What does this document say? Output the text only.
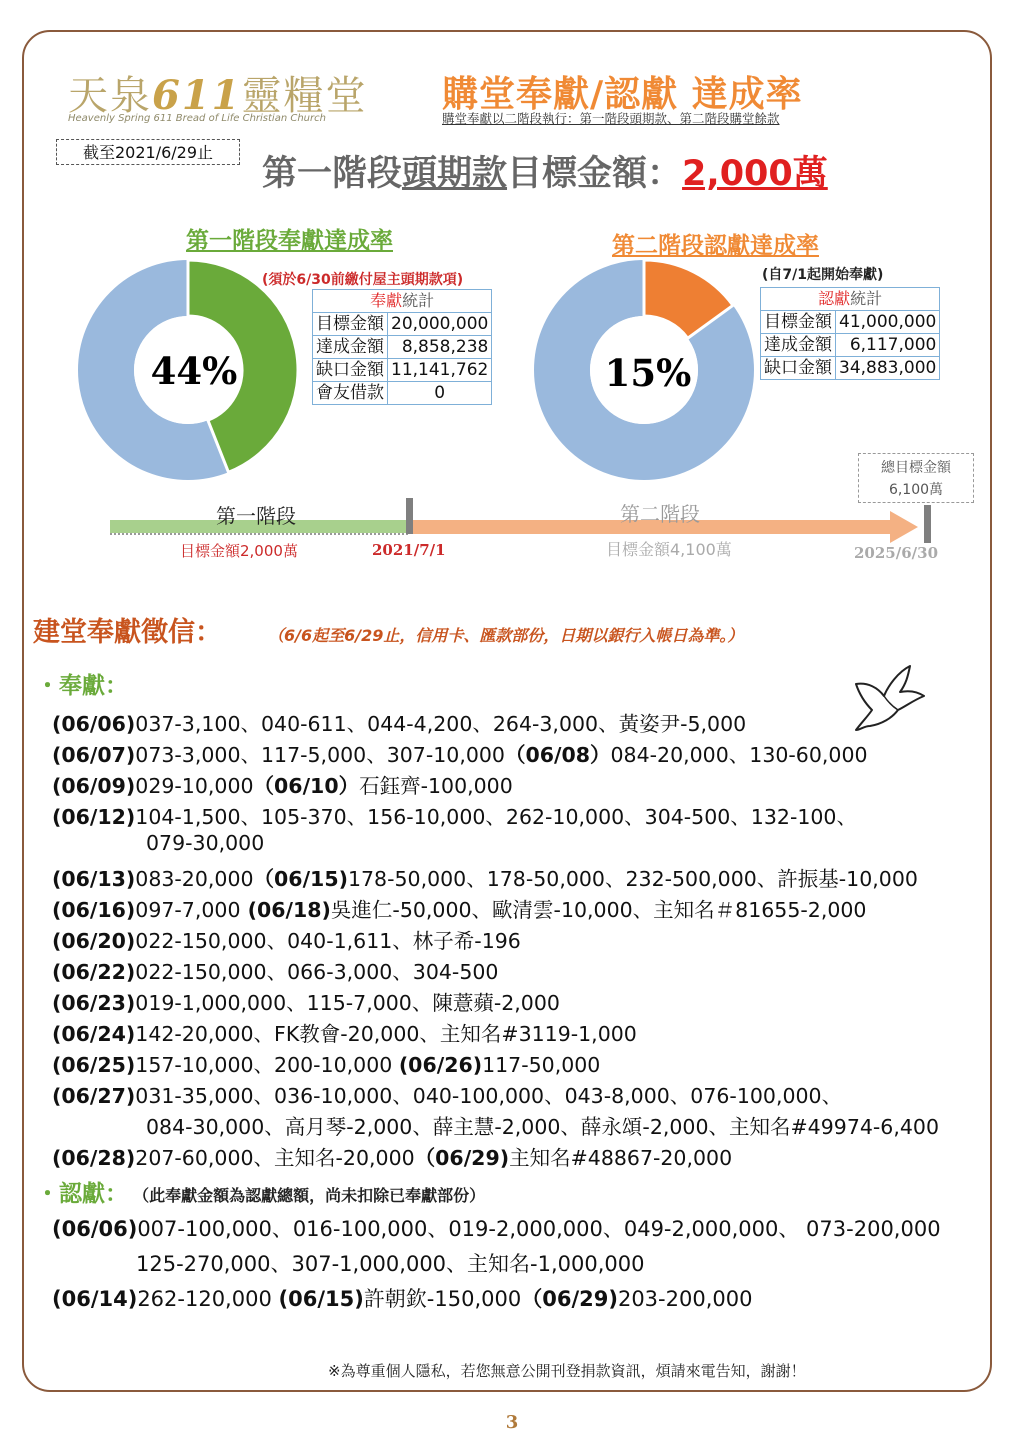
天泉611靈糧堂
Heavenly Spring 611 Bread of Life Christian Church
購堂奉獻/認獻 達成率
購堂奉獻以二階段執行：第一階段頭期款、第二階段購堂餘款
截至2021/6/29止
第一階段頭期款目標金額：2,000萬
第一階段奉獻達成率
(須於6/30前繳付屋主頭期款項)
44%
奉獻統計	
目標金額	20,000,000
達成金額	8,858,238
缺口金額	11,141,762
會友借款	0
第二階段認獻達成率
(自7/1起開始奉獻)
15%
認獻統計	
目標金額	41,000,000
達成金額	6,117,000
缺口金額	34,883,000
第一階段	第二階段
目標金額2,000萬	目標金額4,100萬
2021/7/1	2025/6/30
總目標金額
6,100萬
建堂奉獻徵信：	（6/6起至6/29止，信用卡、匯款部份，日期以銀行入帳日為準。）
・奉獻：
(06/06)037-3,100、040-611、044-4,200、264-3,000、黃姿尹-5,000
(06/07)073-3,000、117-5,000、307-10,000（06/08）084-20,000、130-60,000
(06/09)029-10,000（06/10）石鈺齊-100,000
(06/12)104-1,500、105-370、156-10,000、262-10,000、304-500、132-100、
079-30,000
(06/13)083-20,000（06/15)178-50,000、178-50,000、232-500,000、許振基-10,000
(06/16)097-7,000 (06/18)吳進仁-50,000、歐清雲-10,000、主知名＃81655-2,000
(06/20)022-150,000、040-1,611、林子希-196
(06/22)022-150,000、066-3,000、304-500
(06/23)019-1,000,000、115-7,000、陳薏蘋-2,000
(06/24)142-20,000、FK教會-20,000、主知名#3119-1,000
(06/25)157-10,000、200-10,000 (06/26)117-50,000
(06/27)031-35,000、036-10,000、040-100,000、043-8,000、076-100,000、
084-30,000、高月琴-2,000、薛主慧-2,000、薛永頌-2,000、主知名#49974-6,400
(06/28)207-60,000、主知名-20,000（06/29)主知名#48867-20,000
・認獻： （此奉獻金額為認獻總額，尚未扣除已奉獻部份）
(06/06)007-100,000、016-100,000、019-2,000,000、049-2,000,000、 073-200,000
125-270,000、307-1,000,000、主知名-1,000,000
(06/14)262-120,000 (06/15)許朝欽-150,000（06/29)203-200,000
※為尊重個人隱私，若您無意公開刊登捐款資訊，煩請來電告知，謝謝！
3
